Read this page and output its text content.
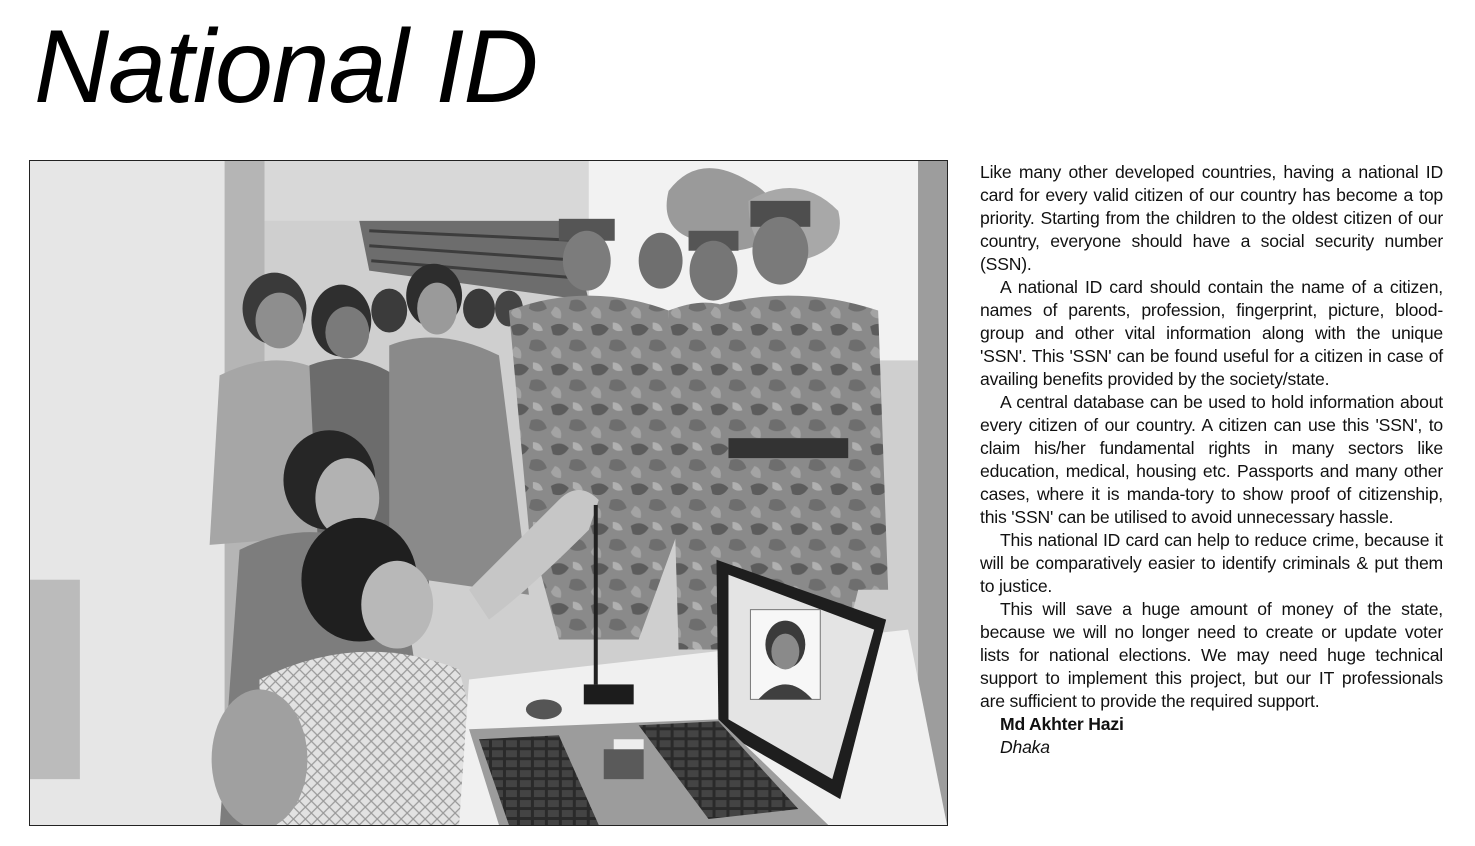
National ID

Like many other developed countries, having a national ID card for every valid citizen of our country has become a top priority. Starting from the children to the oldest citizen of our country, everyone should have a social security number (SSN).

A national ID card should contain the name of a citizen, names of parents, profession, fingerprint, picture, blood-group and other vital information along with the unique 'SSN'. This 'SSN' can be found useful for a citizen in case of availing benefits provided by the society/state.

A central database can be used to hold information about every citizen of our country. A citizen can use this 'SSN', to claim his/her fundamental rights in many sectors like education, medical, housing etc. Passports and many other cases, where it is manda-tory to show proof of citizenship, this 'SSN' can be utilised to avoid unnecessary hassle.

This national ID card can help to reduce crime, because it will be comparatively easier to identify criminals & put them to justice.

This will save a huge amount of money of the state, because we will no longer need to create or update voter lists for national elections. We may need huge technical support to implement this project, but our IT professionals are sufficient to provide the required support.

Md Akhter Hazi

Dhaka
